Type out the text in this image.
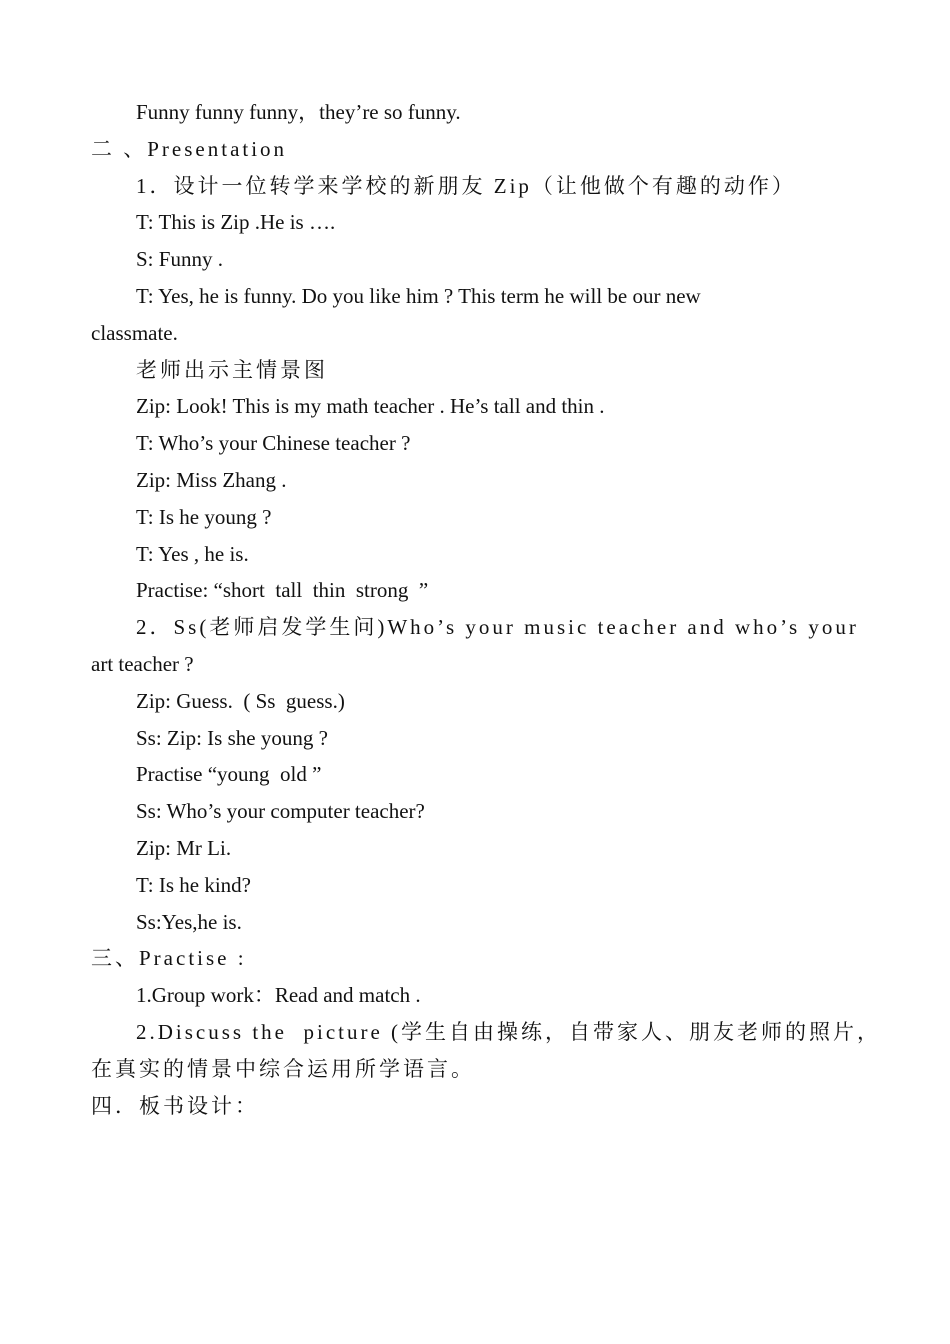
Funny funny funny，they’re so funny.
二 、Presentation
1．设计一位转学来学校的新朋友 Zip（让他做个有趣的动作）
T: This is Zip .He is ….
S: Funny .
T: Yes, he is funny. Do you like him ? This term he will be our new
classmate.
老师出示主情景图
Zip: Look! This is my math teacher . He’s tall and thin .
T: Who’s your Chinese teacher ?
Zip: Miss Zhang .
T: Is he young ?
T: Yes , he is.
Practise: “short  tall  thin  strong  ”
2．Ss(老师启发学生问)Who’s your music teacher and who’s your
art teacher ?
Zip: Guess.  ( Ss  guess.)
Ss: Zip: Is she young ?
Practise “young  old ”
Ss: Who’s your computer teacher?
Zip: Mr Li.
T: Is he kind?
Ss:Yes,he is.
三、Practise :
1.Group work：Read and match .
2.Discuss the  picture (学生自由操练，自带家人、朋友老师的照片，
在真实的情景中综合运用所学语言。
四．板书设计：
